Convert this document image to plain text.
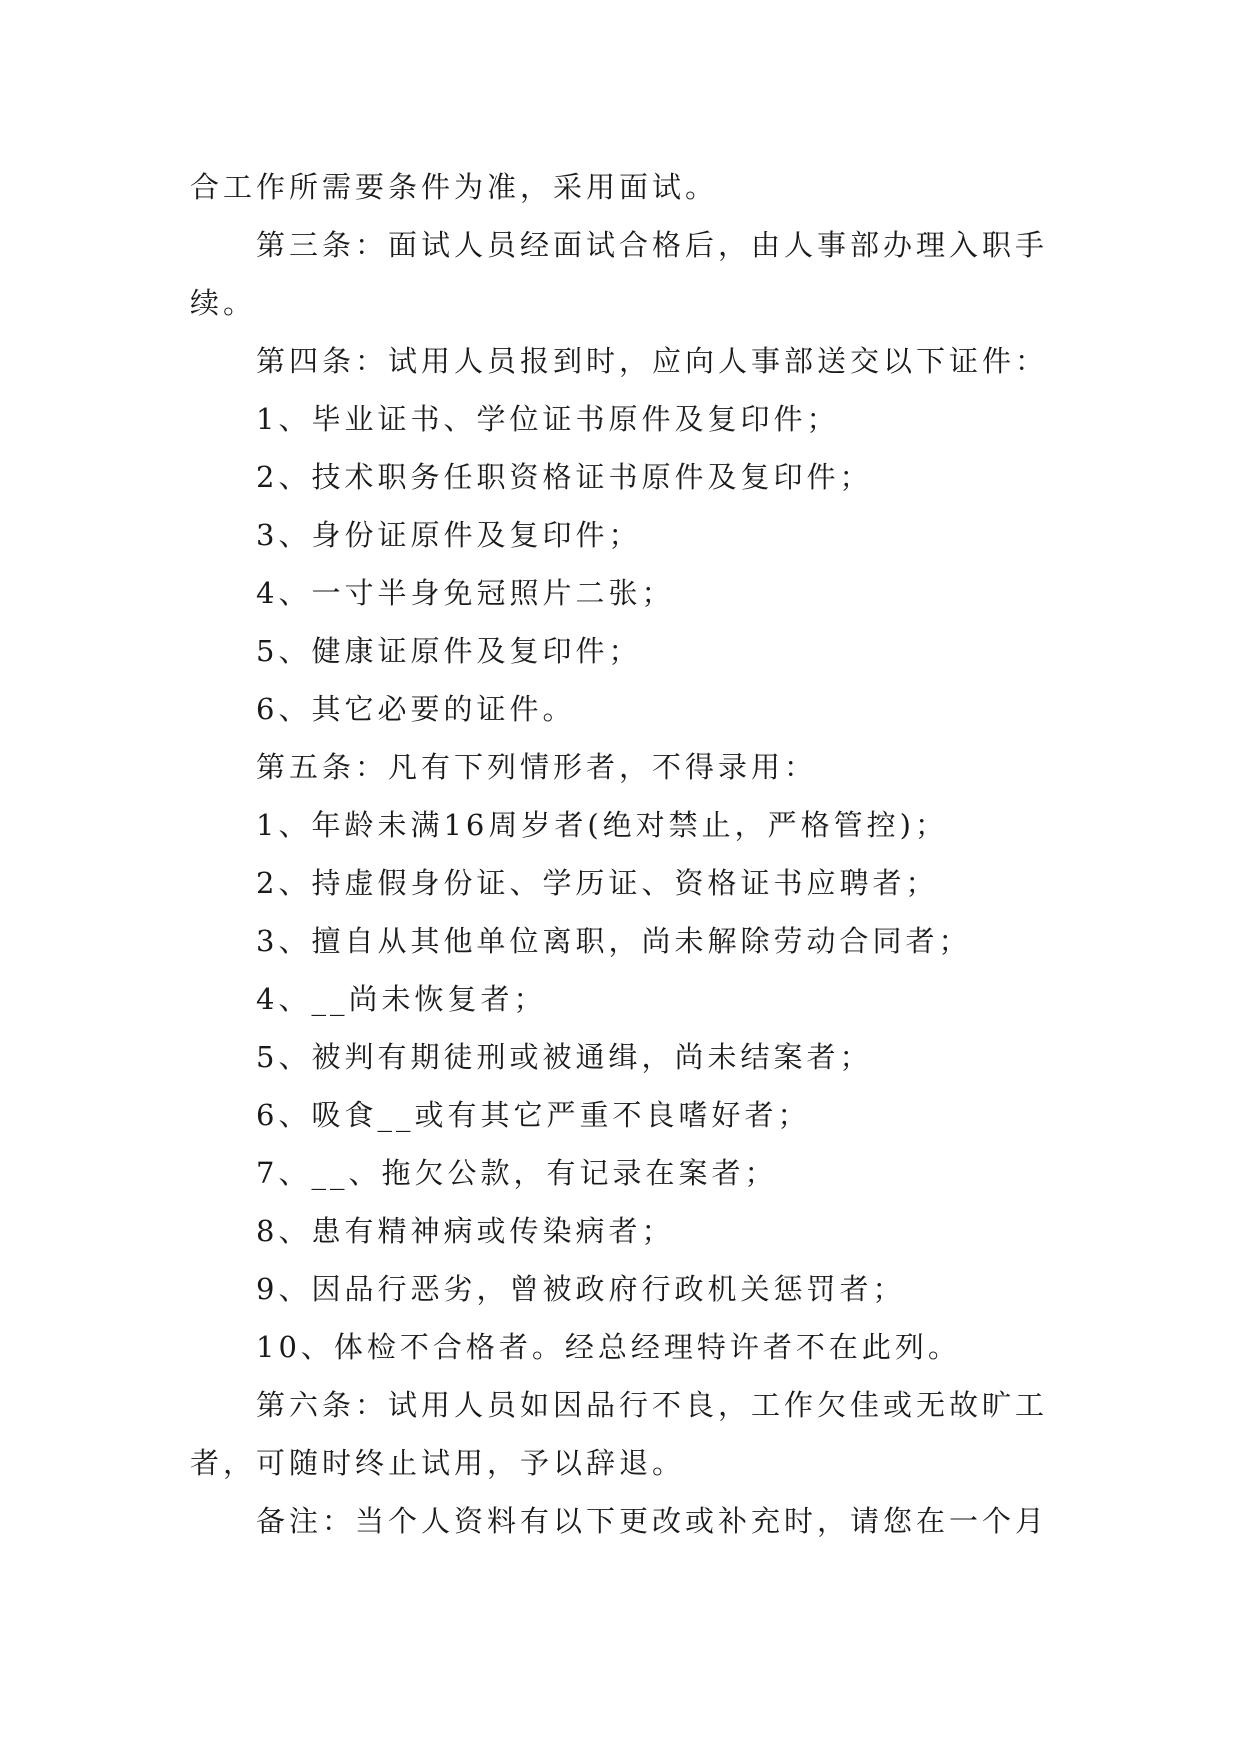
合工作所需要条件为准，采用面试。
第三条：面试人员经面试合格后，由人事部办理入职手
续。
第四条：试用人员报到时，应向人事部送交以下证件：
1、毕业证书、学位证书原件及复印件；
2、技术职务任职资格证书原件及复印件；
3、身份证原件及复印件；
4、一寸半身免冠照片二张；
5、健康证原件及复印件；
6、其它必要的证件。
第五条：凡有下列情形者，不得录用：
1、年龄未满16周岁者(绝对禁止，严格管控)；
2、持虚假身份证、学历证、资格证书应聘者；
3、擅自从其他单位离职，尚未解除劳动合同者；
4、__尚未恢复者；
5、被判有期徒刑或被通缉，尚未结案者；
6、吸食__或有其它严重不良嗜好者；
7、__、拖欠公款，有记录在案者；
8、患有精神病或传染病者；
9、因品行恶劣，曾被政府行政机关惩罚者；
10、体检不合格者。经总经理特许者不在此列。
第六条：试用人员如因品行不良，工作欠佳或无故旷工
者，可随时终止试用，予以辞退。
备注：当个人资料有以下更改或补充时，请您在一个月
